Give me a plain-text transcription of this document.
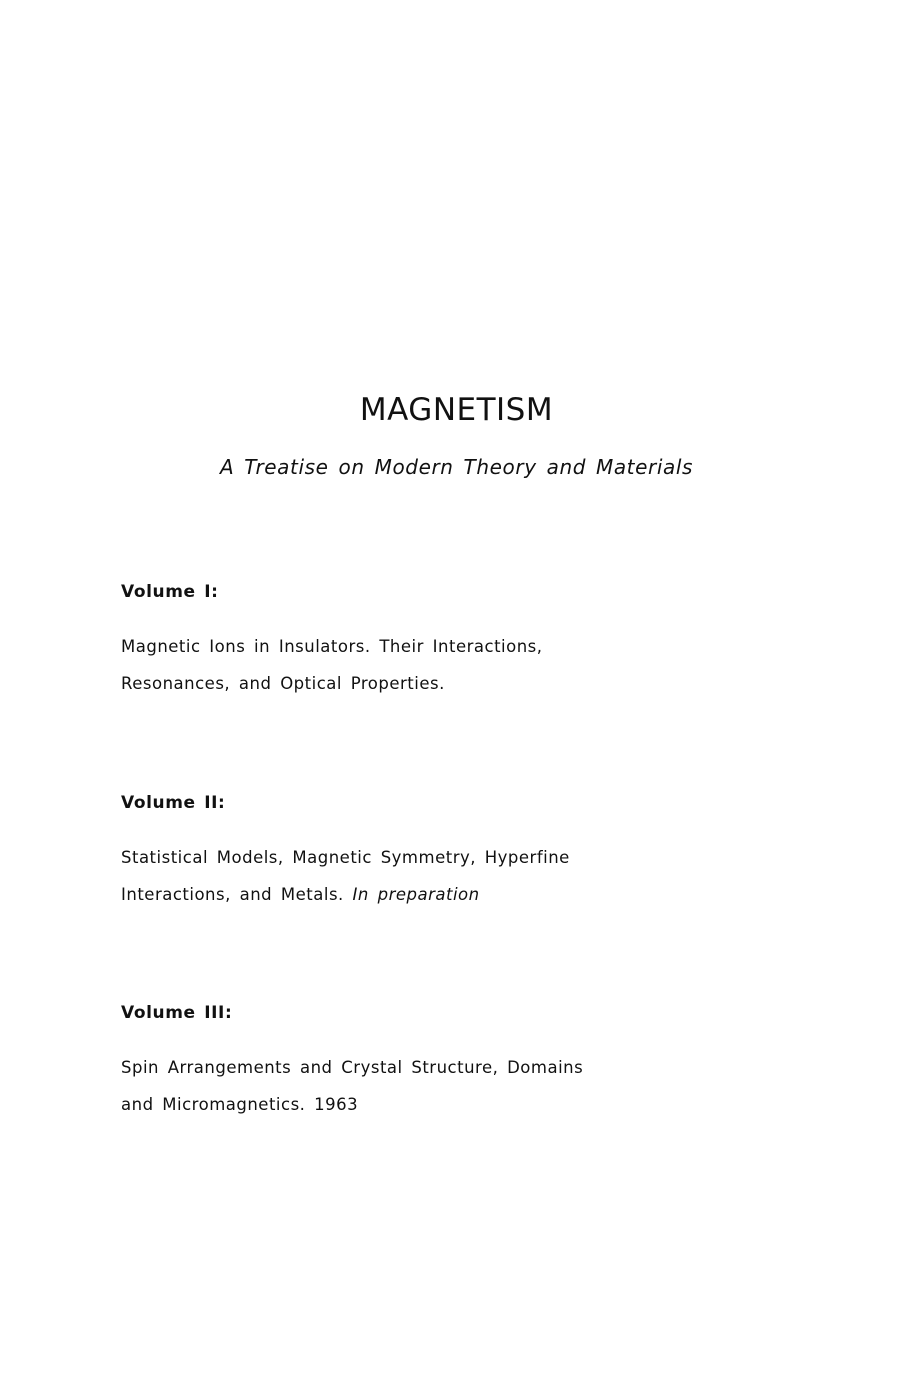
MAGNETISM

A Treatise on Modern Theory and Materials

Volume I:

Magnetic Ions in Insulators. Their Interactions,
Resonances, and Optical Properties.

Volume II:

Statistical Models, Magnetic Symmetry, Hyperfine
Interactions, and Metals. In preparation

Volume III:

Spin Arrangements and Crystal Structure, Domains
and Micromagnetics. 1963
